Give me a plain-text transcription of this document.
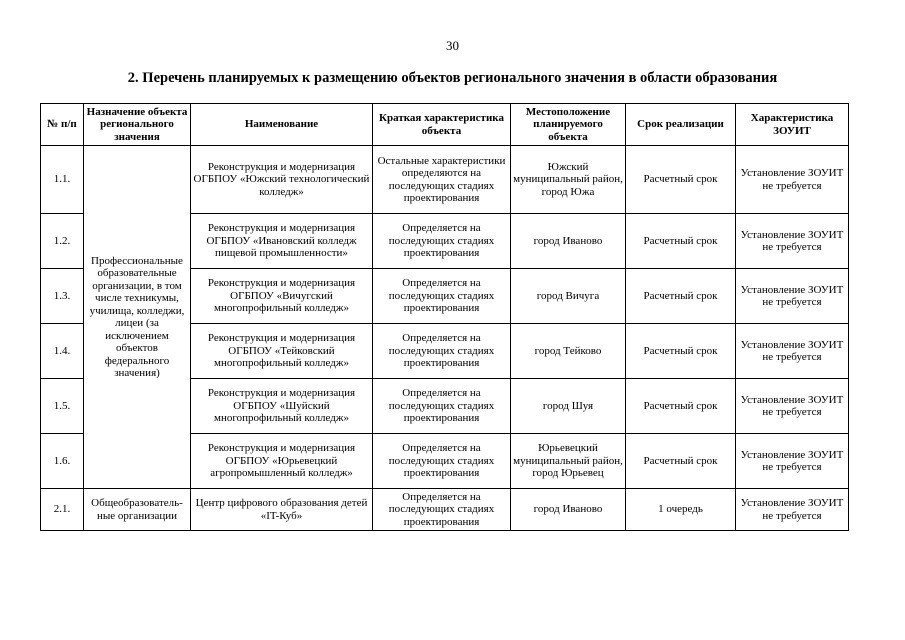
30
2. Перечень планируемых к размещению объектов регионального значения в области образования
№ п/п	Назначение объекта регионального значения	Наименование	Краткая характеристика объекта	Местоположение планируемого объекта	Срок реализации	Характеристика ЗОУИТ
1.1.	Профессиональные образовательные организации, в том числе техникумы, училища, колледжи, лицеи (за исключением объектов федерального значения)	Реконструкция и модернизация ОГБПОУ «Южский технологический колледж»	Остальные характеристики определяются на последующих стадиях проектирования	Южский муниципальный район, город Южа	Расчетный срок	Установление ЗОУИТ не требуется
1.2.		Реконструкция и модернизация ОГБПОУ «Ивановский колледж пищевой промышленности»	Определяется на последующих стадиях проектирования	город Иваново	Расчетный срок	Установление ЗОУИТ не требуется
1.3.		Реконструкция и модернизация ОГБПОУ «Вичугский многопрофильный колледж»	Определяется на последующих стадиях проектирования	город Вичуга	Расчетный срок	Установление ЗОУИТ не требуется
1.4.		Реконструкция и модернизация ОГБПОУ «Тейковский многопрофильный колледж»	Определяется на последующих стадиях проектирования	город Тейково	Расчетный срок	Установление ЗОУИТ не требуется
1.5.		Реконструкция и модернизация ОГБПОУ «Шуйский многопрофильный колледж»	Определяется на последующих стадиях проектирования	город Шуя	Расчетный срок	Установление ЗОУИТ не требуется
1.6.		Реконструкция и модернизация ОГБПОУ «Юрьевецкий агропромышленный колледж»	Определяется на последующих стадиях проектирования	Юрьевецкий муниципальный район, город Юрьевец	Расчетный срок	Установление ЗОУИТ не требуется
2.1.	Общеобразователь-ные организации	Центр цифрового образования детей «IT-Куб»	Определяется на последующих стадиях проектирования	город Иваново	1 очередь	Установление ЗОУИТ не требуется
